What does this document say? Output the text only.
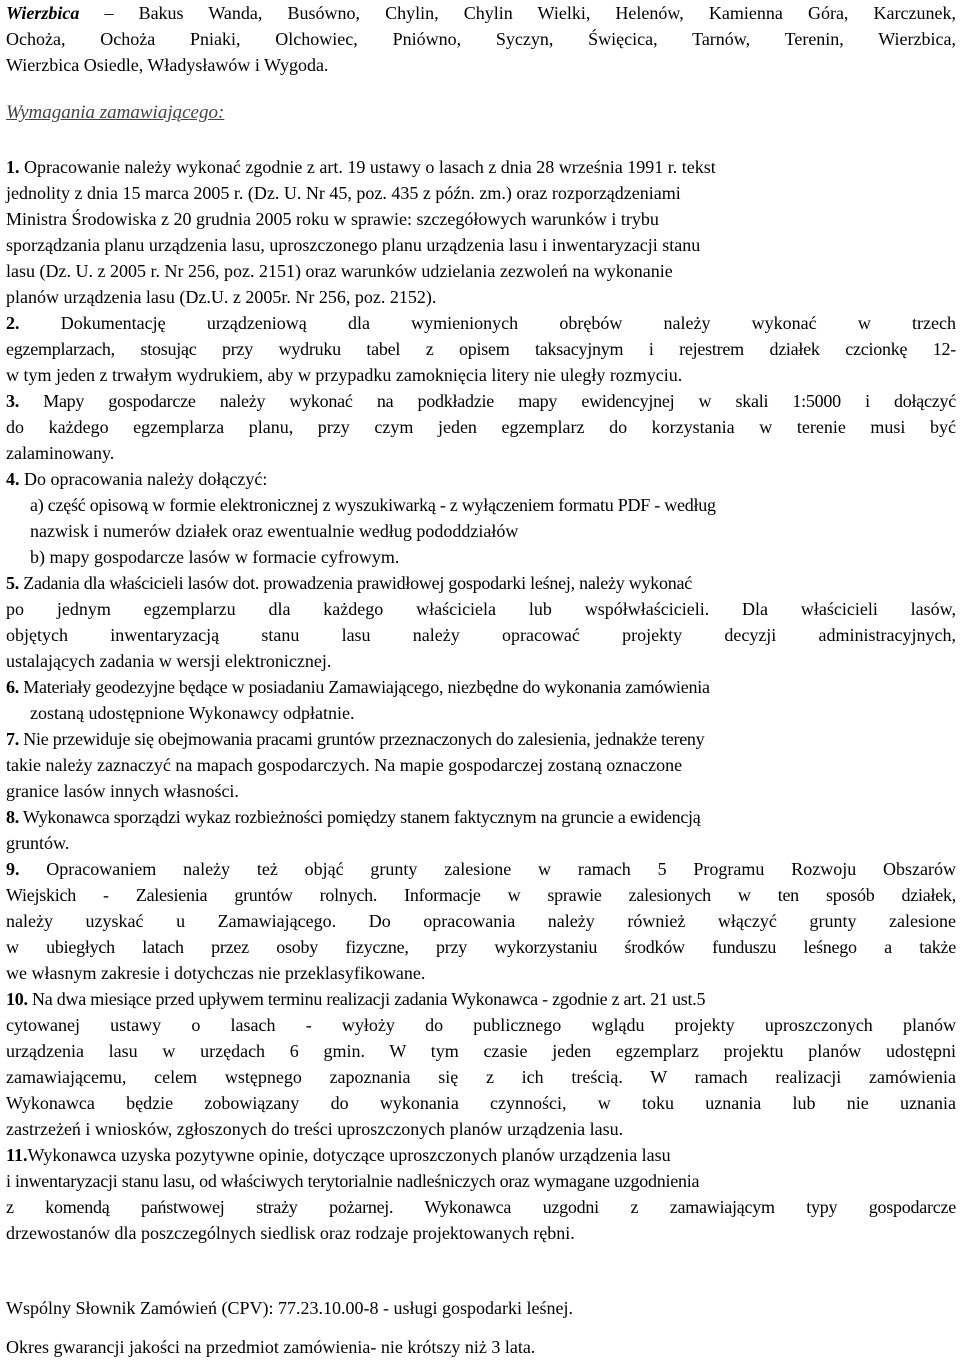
Wierzbica – Bakus Wanda, Busówno, Chylin, Chylin Wielki, Helenów, Kamienna Góra, Karczunek,

Ochoża, Ochoża Pniaki, Olchowiec, Pniówno, Syczyn, Święcica, Tarnów, Terenin, Wierzbica,

Wierzbica Osiedle, Władysławów i Wygoda.

Wymagania zamawiającego:

1. Opracowanie należy wykonać zgodnie z art. 19 ustawy o lasach z dnia 28 września 1991 r. tekst

jednolity z dnia 15 marca 2005 r. (Dz. U. Nr 45, poz. 435 z późn. zm.) oraz rozporządzeniami

Ministra Środowiska z 20 grudnia 2005 roku w sprawie: szczegółowych warunków i trybu

sporządzania planu urządzenia lasu, uproszczonego planu urządzenia lasu i inwentaryzacji stanu

lasu (Dz. U. z 2005 r. Nr 256, poz. 2151) oraz warunków udzielania zezwoleń na wykonanie

planów urządzenia lasu (Dz.U. z 2005r. Nr 256, poz. 2152).

2. Dokumentację urządzeniową dla wymienionych obrębów należy wykonać w trzech

egzemplarzach, stosując przy wydruku tabel z opisem taksacyjnym i rejestrem działek czcionkę 12-

w tym jeden z trwałym wydrukiem, aby w przypadku zamoknięcia litery nie uległy rozmyciu.

3. Mapy gospodarcze należy wykonać na podkładzie mapy ewidencyjnej w skali 1:5000 i dołączyć

do każdego egzemplarza planu, przy czym jeden egzemplarz do korzystania w terenie musi być

zalaminowany.

4. Do opracowania należy dołączyć:

a) część opisową w formie elektronicznej z wyszukiwarką - z wyłączeniem formatu PDF - według

nazwisk i numerów działek oraz ewentualnie według pododdziałów

b) mapy gospodarcze lasów w formacie cyfrowym.

5. Zadania dla właścicieli lasów dot. prowadzenia prawidłowej gospodarki leśnej, należy wykonać

po jednym egzemplarzu dla każdego właściciela lub współwłaścicieli. Dla właścicieli lasów,

objętych inwentaryzacją stanu lasu należy opracować projekty decyzji administracyjnych,

ustalających zadania w wersji elektronicznej.

6. Materiały geodezyjne będące w posiadaniu Zamawiającego, niezbędne do wykonania zamówienia

zostaną udostępnione Wykonawcy odpłatnie.

7. Nie przewiduje się obejmowania pracami gruntów przeznaczonych do zalesienia, jednakże tereny

takie należy zaznaczyć na mapach gospodarczych. Na mapie gospodarczej zostaną oznaczone

granice lasów innych własności.

8. Wykonawca sporządzi wykaz rozbieżności pomiędzy stanem faktycznym na gruncie a ewidencją

gruntów.

9. Opracowaniem należy też objąć grunty zalesione w ramach 5 Programu Rozwoju Obszarów

Wiejskich - Zalesienia gruntów rolnych. Informacje w sprawie zalesionych w ten sposób działek,

należy uzyskać u Zamawiającego. Do opracowania należy również włączyć grunty zalesione

w ubiegłych latach przez osoby fizyczne, przy wykorzystaniu środków funduszu leśnego a także

we własnym zakresie i dotychczas nie przeklasyfikowane.

10. Na dwa miesiące przed upływem terminu realizacji zadania Wykonawca - zgodnie z art. 21 ust.5

cytowanej ustawy o lasach - wyłoży do publicznego wglądu projekty uproszczonych planów

urządzenia lasu w urzędach 6 gmin. W tym czasie jeden egzemplarz projektu planów udostępni

zamawiającemu, celem wstępnego zapoznania się z ich treścią. W ramach realizacji zamówienia

Wykonawca będzie zobowiązany do wykonania czynności, w toku uznania lub nie uznania

zastrzeżeń i wniosków, zgłoszonych do treści uproszczonych planów urządzenia lasu.

11.Wykonawca uzyska pozytywne opinie, dotyczące uproszczonych planów urządzenia lasu

i inwentaryzacji stanu lasu, od właściwych terytorialnie nadleśniczych oraz wymagane uzgodnienia

z komendą państwowej straży pożarnej. Wykonawca uzgodni z zamawiającym typy gospodarcze

drzewostanów dla poszczególnych siedlisk oraz rodzaje projektowanych rębni.

Wspólny Słownik Zamówień (CPV): 77.23.10.00-8 - usługi gospodarki leśnej.
Okres gwarancji jakości na przedmiot zamówienia- nie krótszy niż 3 lata.
